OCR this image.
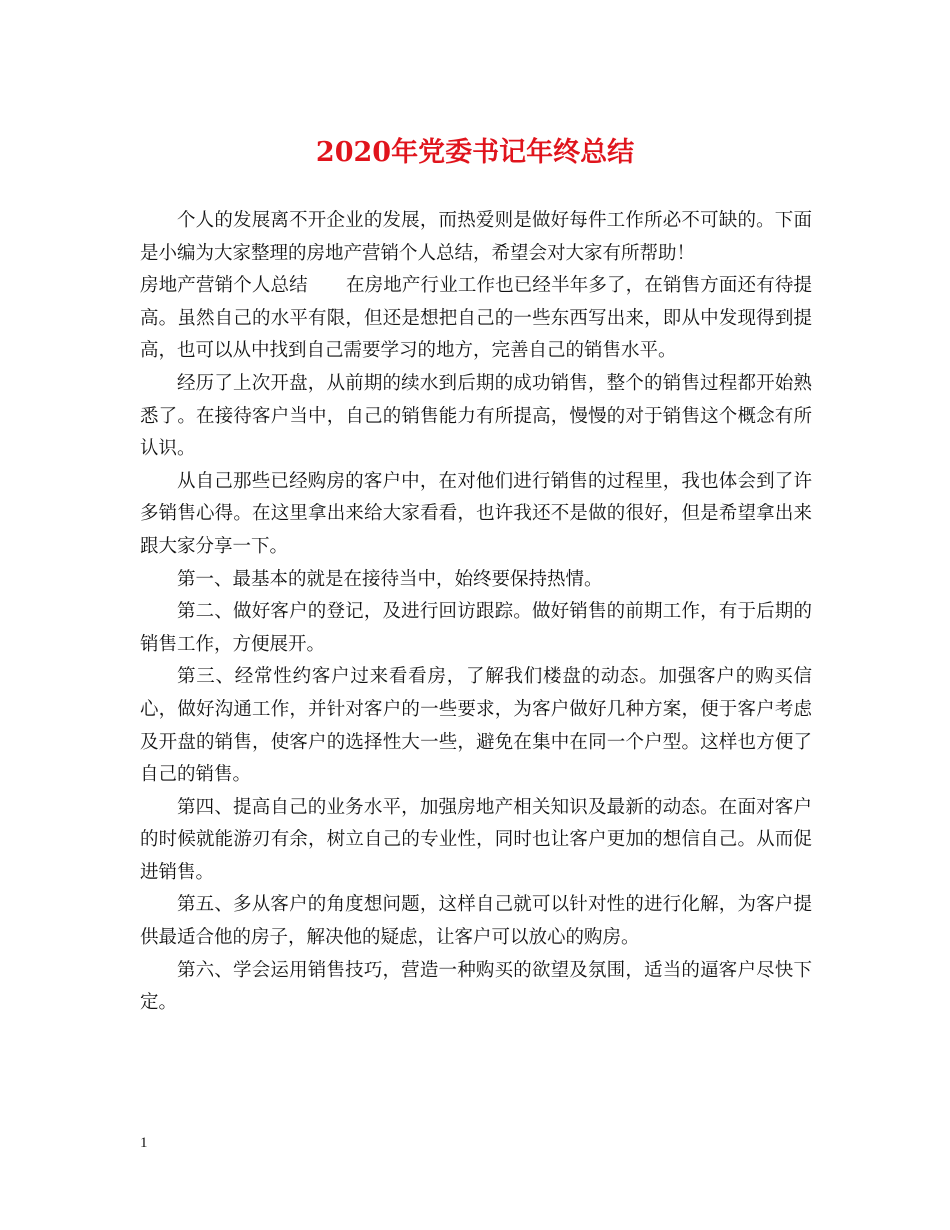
2020年党委书记年终总结

个人的发展离不开企业的发展，而热爱则是做好每件工作所必不可缺的。下面是小编为大家整理的房地产营销个人总结，希望会对大家有所帮助！

房地产营销个人总结 在房地产行业工作也已经半年多了，在销售方面还有待提高。虽然自己的水平有限，但还是想把自己的一些东西写出来，即从中发现得到提高，也可以从中找到自己需要学习的地方，完善自己的销售水平。

经历了上次开盘，从前期的续水到后期的成功销售，整个的销售过程都开始熟悉了。在接待客户当中，自己的销售能力有所提高，慢慢的对于销售这个概念有所认识。

从自己那些已经购房的客户中，在对他们进行销售的过程里，我也体会到了许多销售心得。在这里拿出来给大家看看，也许我还不是做的很好，但是希望拿出来跟大家分享一下。

第一、最基本的就是在接待当中，始终要保持热情。

第二、做好客户的登记，及进行回访跟踪。做好销售的前期工作，有于后期的销售工作，方便展开。

第三、经常性约客户过来看看房，了解我们楼盘的动态。加强客户的购买信心，做好沟通工作，并针对客户的一些要求，为客户做好几种方案，便于客户考虑及开盘的销售，使客户的选择性大一些，避免在集中在同一个户型。这样也方便了自己的销售。

第四、提高自己的业务水平，加强房地产相关知识及最新的动态。在面对客户的时候就能游刃有余，树立自己的专业性，同时也让客户更加的想信自己。从而促进销售。

第五、多从客户的角度想问题，这样自己就可以针对性的进行化解，为客户提供最适合他的房子，解决他的疑虑，让客户可以放心的购房。

第六、学会运用销售技巧，营造一种购买的欲望及氛围，适当的逼客户尽快下定。

1
